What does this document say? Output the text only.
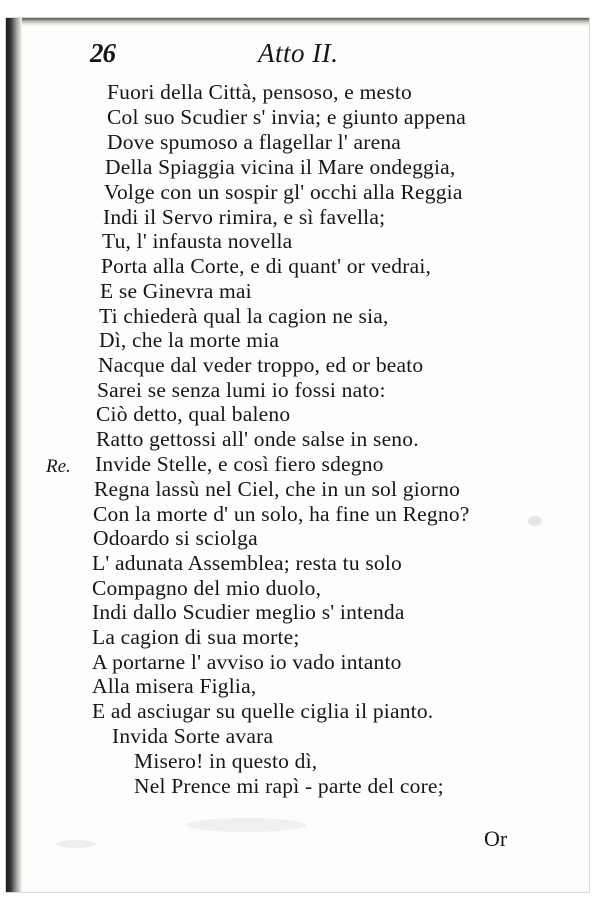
26	Atto II.
Fuori della Città, pensoso, e mesto
Col suo Scudier s' invia; e giunto appena
Dove spumoso a flagellar l' arena
Della Spiaggia vicina il Mare ondeggia,
Volge con un sospir gl' occhi alla Reggia
Indi il Servo rimira, e sì favella;
Tu, l' infausta novella
Porta alla Corte, e di quant' or vedrai,
E se Ginevra mai
Ti chiederà qual la cagion ne sia,
Dì, che la morte mia
Nacque dal veder troppo, ed or beato
Sarei se senza lumi io fossi nato:
Ciò detto, qual baleno
Ratto gettossi all' onde salse in seno.
Re. Invide Stelle, e così fiero sdegno
Regna lassù nel Ciel, che in un sol giorno
Con la morte d' un solo, ha fine un Regno?
Odoardo si sciolga
L' adunata Assemblea; resta tu solo
Compagno del mio duolo,
Indi dallo Scudier meglio s' intenda
La cagion di sua morte;
A portarne l' avviso io vado intanto
Alla misera Figlia,
E ad asciugar su quelle ciglia il pianto.
Invida Sorte avara
Misero! in questo dì,
Nel Prence mi rapì - parte del core;
Or
